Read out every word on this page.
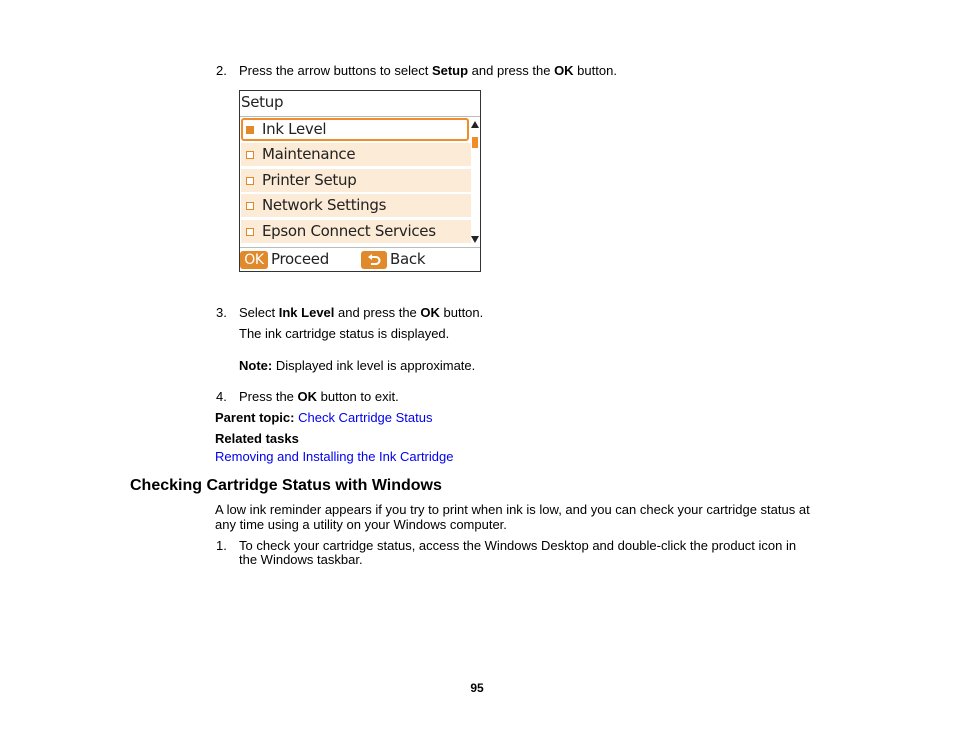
2. Press the arrow buttons to select Setup and press the OK button.
Setup
Ink Level
Maintenance
Printer Setup
Network Settings
Epson Connect Services
OK Proceed	Back
3. Select Ink Level and press the OK button.
The ink cartridge status is displayed.
Note: Displayed ink level is approximate.
4. Press the OK button to exit.
Parent topic: Check Cartridge Status
Related tasks
Removing and Installing the Ink Cartridge
Checking Cartridge Status with Windows
A low ink reminder appears if you try to print when ink is low, and you can check your cartridge status at
any time using a utility on your Windows computer.
1. To check your cartridge status, access the Windows Desktop and double-click the product icon in
the Windows taskbar.
95
